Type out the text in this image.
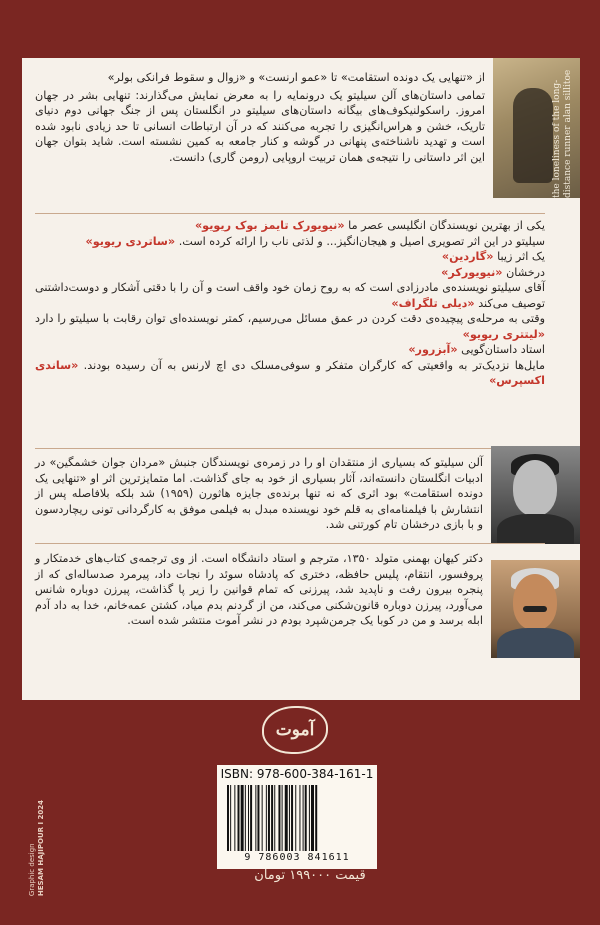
the loneliness of the long-distance runner alan sillitoe

از «تنهایی یک دونده استقامت» تا «عمو ارنست» و «زوال و سقوط فرانکی بولر»

تمامی داستان‌های آلن سیلیتو یک درونمایه را به معرض نمایش می‌گذارند: تنهایی بشر در جهان امروز. راسکولنیکوف‌های بیگانه داستان‌های سیلیتو در انگلستان پس از جنگ جهانی دوم دنیای تاریک، خشن و هراس‌انگیزی را تجربه می‌کنند که در آن ارتباطات انسانی تا حد زیادی نابود شده است و تهدید ناشناخته‌ی پنهانی در گوشه و کنار جامعه به کمین نشسته است. شاید بتوان جهان این اثر داستانی را نتیجه‌ی همان تربیت اروپایی (رومن گاری) دانست.

یکی از بهترین نویسندگان انگلیسی عصر ما «نیویورک تایمز بوک ریویو»

سیلیتو در این اثر تصویری اصیل و هیجان‌انگیز... و لذتی ناب را ارائه کرده است. «ساتردی ریویو»

یک اثر زیبا «گاردین»

درخشان «نیویورکر»

آقای سیلیتو نویسنده‌ی مادرزادی است که به روح زمان خود واقف است و آن را با دقتی آشکار و دوست‌داشتنی توصیف می‌کند «دیلی تلگراف»

وقتی به مرحله‌ی پیچیده‌ی دقت کردن در عمق مسائل می‌رسیم، کمتر نویسنده‌ای توان رقابت با سیلیتو را دارد «لیتتری ریویو»

استاد داستان‌گویی «آبزرور»

مایل‌ها نزدیک‌تر به واقعیتی که کارگران متفکر و سوفی‌مسلک دی اچ لارنس به آن رسیده بودند. «ساندی اکسپرس»

آلن سیلیتو که بسیاری از منتقدان او را در زمره‌ی نویسندگان جنبش «مردان جوان خشمگین» در ادبیات انگلستان دانسته‌اند، آثار بسیاری از خود به جای گذاشت. اما متمایزترین اثر او «تنهایی یک دونده استقامت» بود اثری که نه تنها برنده‌ی جایزه هاثورن (۱۹۵۹) شد بلکه بلافاصله پس از انتشارش با فیلمنامه‌ای به قلم خود نویسنده مبدل به فیلمی موفق به کارگردانی تونی ریچاردسون و با بازی درخشان تام کورتنی شد.

دکتر کیهان بهمنی متولد ۱۳۵۰، مترجم و استاد دانشگاه است. از وی ترجمه‌ی کتاب‌های خدمتکار و پروفسور، انتقام، پلیس حافظه، دختری که پادشاه سوئد را نجات داد، پیرمرد صدساله‌ای که از پنجره بیرون رفت و ناپدید شد، پیرزنی که تمام قوانین را زیر پا گذاشت، پیرزن دوباره شانس می‌آورد، پیرزن دوباره قانون‌شکنی می‌کند، من از گردنم بدم میاد، کشتن عمه‌خانم، خدا به داد آدم ابله برسد و من در کوبا یک جرمن‌شپرد بودم در نشر آموت منتشر شده است.

آموت
ISBN: 978-600-384-161-1
9 786003 841611
قیمت ۱۹۹۰۰۰ تومان
Graphic design
HESAM HAJIPOUR I 2024
